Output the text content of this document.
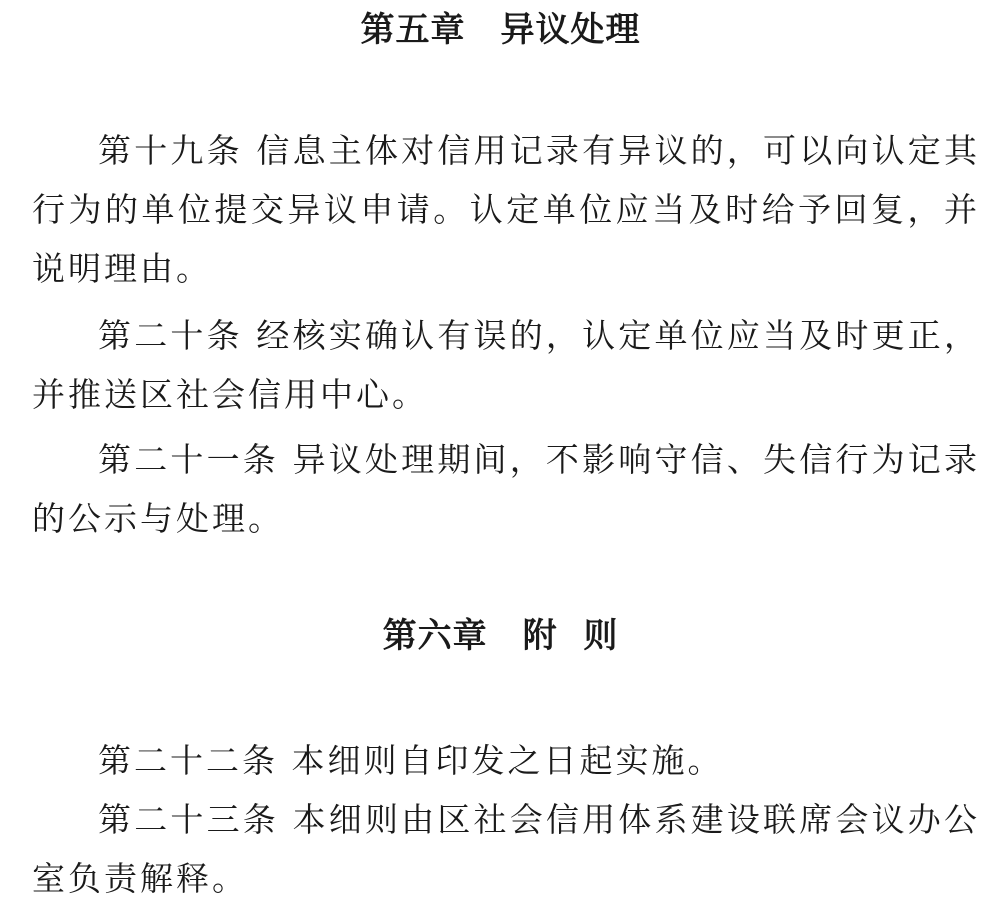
第五章　异议处理

第十九条 信息主体对信用记录有异议的，可以向认定其行为的单位提交异议申请。认定单位应当及时给予回复，并说明理由。

第二十条 经核实确认有误的，认定单位应当及时更正，并推送区社会信用中心。

第二十一条 异议处理期间，不影响守信、失信行为记录的公示与处理。

第六章　附  则

第二十二条 本细则自印发之日起实施。

第二十三条 本细则由区社会信用体系建设联席会议办公室负责解释。
